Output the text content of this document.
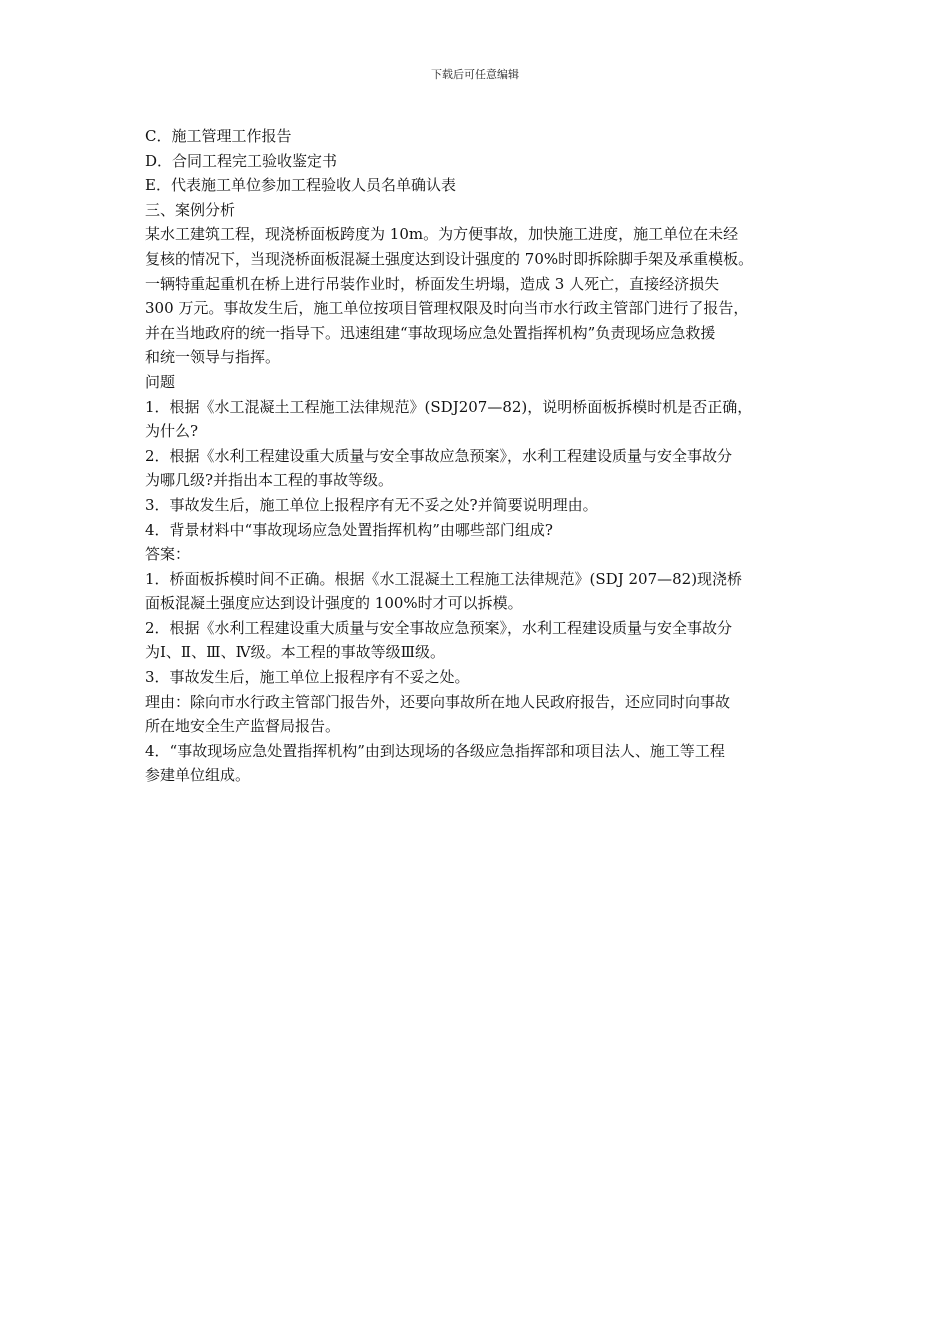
下载后可任意编辑
C．施工管理工作报告
D．合同工程完工验收鉴定书
E．代表施工单位参加工程验收人员名单确认表
三、案例分析
某水工建筑工程，现浇桥面板跨度为 10m。为方便事故，加快施工进度，施工单位在未经
复核的情况下，当现浇桥面板混凝土强度达到设计强度的 70%时即拆除脚手架及承重模板。
一辆特重起重机在桥上进行吊装作业时，桥面发生坍塌，造成 3 人死亡，直接经济损失
300 万元。事故发生后，施工单位按项目管理权限及时向当市水行政主管部门进行了报告，
并在当地政府的统一指导下。迅速组建“事故现场应急处置指挥机构”负责现场应急救援
和统一领导与指挥。
问题
1．根据《水工混凝土工程施工法律规范》(SDJ207—82)，说明桥面板拆模时机是否正确，
为什么?
2．根据《水利工程建设重大质量与安全事故应急预案》，水利工程建设质量与安全事故分
为哪几级?并指出本工程的事故等级。
3．事故发生后，施工单位上报程序有无不妥之处?并简要说明理由。
4．背景材料中“事故现场应急处置指挥机构”由哪些部门组成?
答案：
1．桥面板拆模时间不正确。根据《水工混凝土工程施工法律规范》(SDJ 207—82)现浇桥
面板混凝土强度应达到设计强度的 100%时才可以拆模。
2．根据《水利工程建设重大质量与安全事故应急预案》，水利工程建设质量与安全事故分
为Ⅰ、Ⅱ、Ⅲ、Ⅳ级。本工程的事故等级Ⅲ级。
3．事故发生后，施工单位上报程序有不妥之处。
理由：除向市水行政主管部门报告外，还要向事故所在地人民政府报告，还应同时向事故
所在地安全生产监督局报告。
4．“事故现场应急处置指挥机构”由到达现场的各级应急指挥部和项目法人、施工等工程
参建单位组成。
